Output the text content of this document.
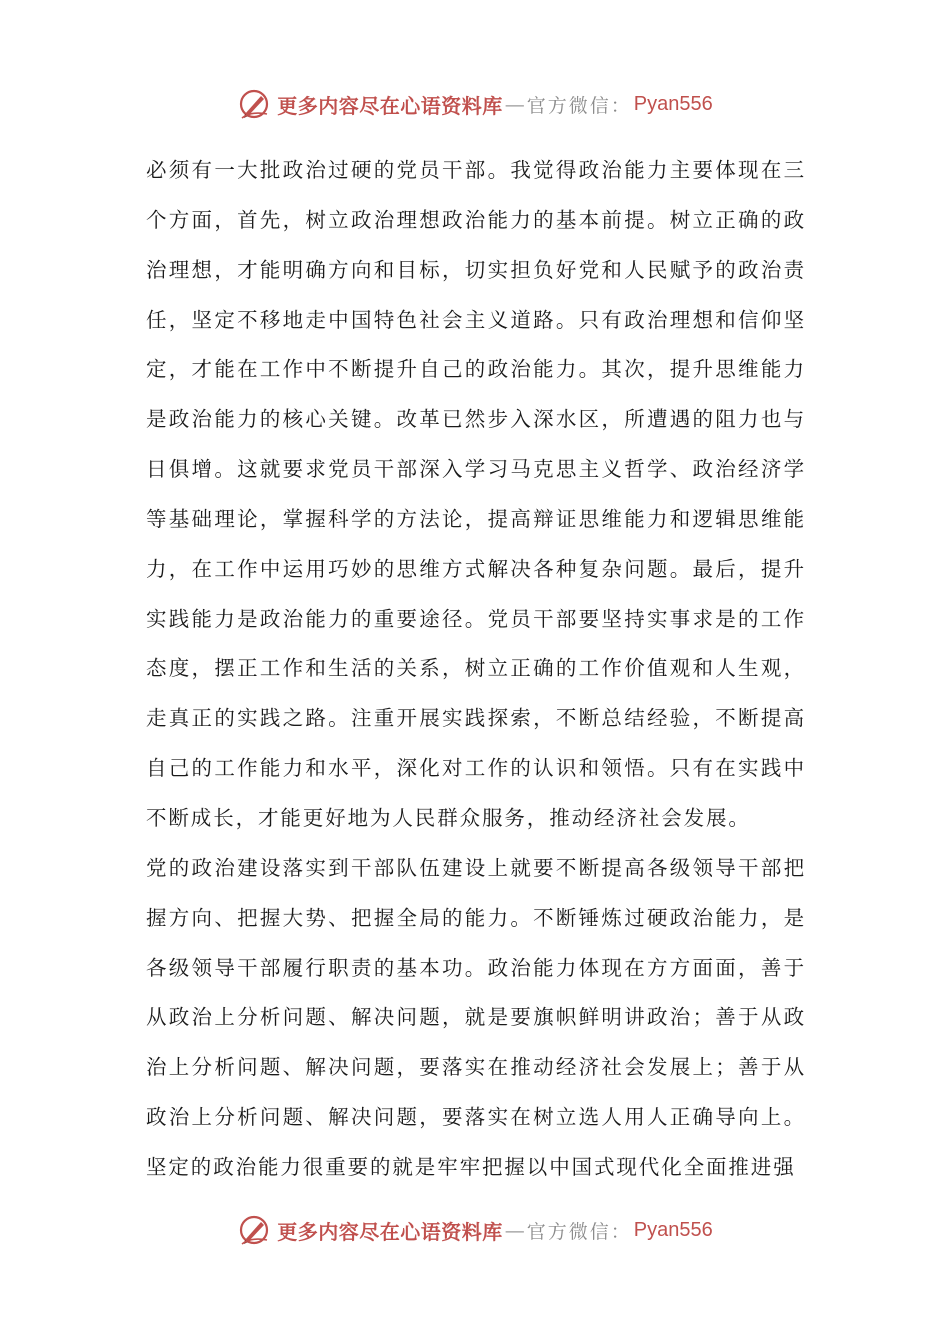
更多内容尽在心语资料库 — 官方微信： Pyan556

必须有一大批政治过硬的党员干部。我觉得政治能力主要体现在三个方面，首先，树立政治理想政治能力的基本前提。树立正确的政治理想，才能明确方向和目标，切实担负好党和人民赋予的政治责任，坚定不移地走中国特色社会主义道路。只有政治理想和信仰坚定，才能在工作中不断提升自己的政治能力。其次，提升思维能力是政治能力的核心关键。改革已然步入深水区，所遭遇的阻力也与日俱增。这就要求党员干部深入学习马克思主义哲学、政治经济学等基础理论，掌握科学的方法论，提高辩证思维能力和逻辑思维能力，在工作中运用巧妙的思维方式解决各种复杂问题。最后，提升实践能力是政治能力的重要途径。党员干部要坚持实事求是的工作态度，摆正工作和生活的关系，树立正确的工作价值观和人生观，走真正的实践之路。注重开展实践探索，不断总结经验，不断提高自己的工作能力和水平，深化对工作的认识和领悟。只有在实践中不断成长，才能更好地为人民群众服务，推动经济社会发展。

党的政治建设落实到干部队伍建设上就要不断提高各级领导干部把握方向、把握大势、把握全局的能力。不断锤炼过硬政治能力，是各级领导干部履行职责的基本功。政治能力体现在方方面面，善于从政治上分析问题、解决问题，就是要旗帜鲜明讲政治；善于从政治上分析问题、解决问题，要落实在推动经济社会发展上；善于从政治上分析问题、解决问题，要落实在树立选人用人正确导向上。坚定的政治能力很重要的就是牢牢把握以中国式现代化全面推进强

更多内容尽在心语资料库 — 官方微信： Pyan556
